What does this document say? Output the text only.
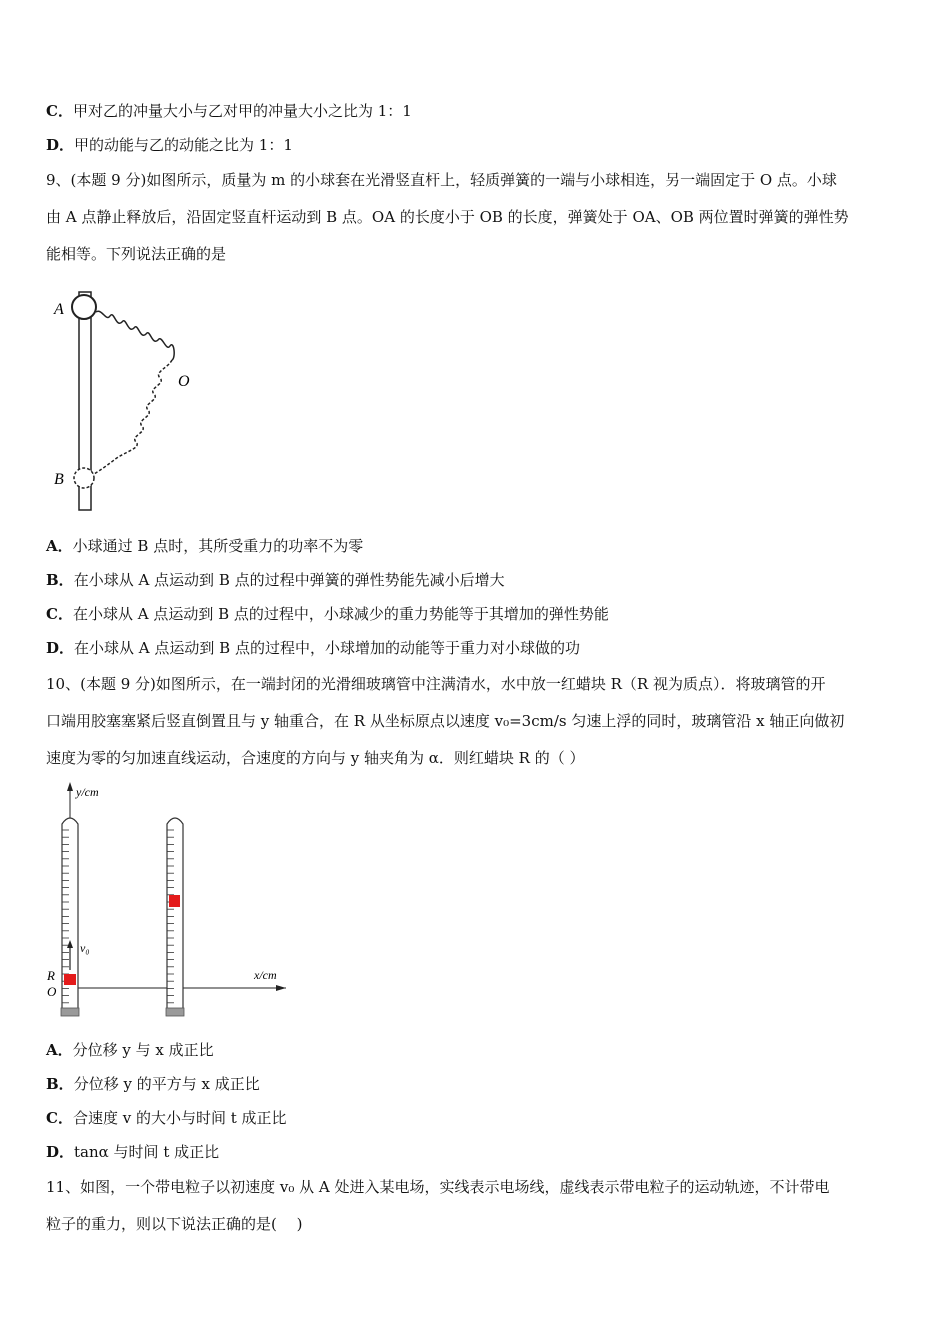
C．甲对乙的冲量大小与乙对甲的冲量大小之比为 1：1
D．甲的动能与乙的动能之比为 1：1
9、(本题 9 分)如图所示，质量为 m 的小球套在光滑竖直杆上，轻质弹簧的一端与小球相连，另一端固定于 O 点。小球
由 A 点静止释放后，沿固定竖直杆运动到 B 点。OA 的长度小于 OB 的长度，弹簧处于 OA、OB 两位置时弹簧的弹性势
能相等。下列说法正确的是
A
O
B
A．小球通过 B 点时，其所受重力的功率不为零
B．在小球从 A 点运动到 B 点的过程中弹簧的弹性势能先减小后增大
C．在小球从 A 点运动到 B 点的过程中，小球减少的重力势能等于其增加的弹性势能
D．在小球从 A 点运动到 B 点的过程中，小球增加的动能等于重力对小球做的功
10、(本题 9 分)如图所示，在一端封闭的光滑细玻璃管中注满清水，水中放一红蜡块 R（R 视为质点）．将玻璃管的开
口端用胶塞塞紧后竖直倒置且与 y 轴重合，在 R 从坐标原点以速度 v₀=3cm/s 匀速上浮的同时，玻璃管沿 x 轴正向做初
速度为零的匀加速直线运动，合速度的方向与 y 轴夹角为 α．则红蜡块 R 的（ ）
y/cm
x/cm
v₀
R
O
A．分位移 y 与 x 成正比
B．分位移 y 的平方与 x 成正比
C．合速度 v 的大小与时间 t 成正比
D．tanα 与时间 t 成正比
11、如图，一个带电粒子以初速度 v₀ 从 A 处进入某电场，实线表示电场线，虚线表示带电粒子的运动轨迹，不计带电
粒子的重力，则以下说法正确的是(　 )
